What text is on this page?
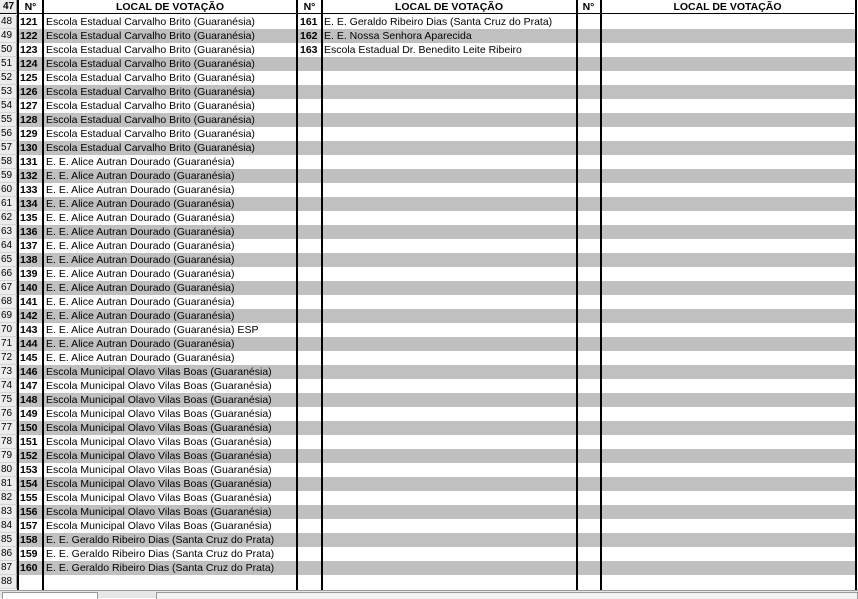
47	N°	LOCAL DE VOTAÇÃO	N°	LOCAL DE VOTAÇÃO	N°	LOCAL DE VOTAÇÃO
48 121 Escola Estadual Carvalho Brito (Guaranésia)	161 E. E. Geraldo Ribeiro Dias (Santa Cruz do Prata)
49 122 Escola Estadual Carvalho Brito (Guaranésia)	162 E. E. Nossa Senhora Aparecida
50 123 Escola Estadual Carvalho Brito (Guaranésia)	163 Escola Estadual Dr. Benedito Leite Ribeiro
51 124 Escola Estadual Carvalho Brito (Guaranésia)
52 125 Escola Estadual Carvalho Brito (Guaranésia)
53 126 Escola Estadual Carvalho Brito (Guaranésia)
54 127 Escola Estadual Carvalho Brito (Guaranésia)
55 128 Escola Estadual Carvalho Brito (Guaranésia)
56 129 Escola Estadual Carvalho Brito (Guaranésia)
57 130 Escola Estadual Carvalho Brito (Guaranésia)
58 131 E. E. Alice Autran Dourado (Guaranésia)
59 132 E. E. Alice Autran Dourado (Guaranésia)
60 133 E. E. Alice Autran Dourado (Guaranésia)
61 134 E. E. Alice Autran Dourado (Guaranésia)
62 135 E. E. Alice Autran Dourado (Guaranésia)
63 136 E. E. Alice Autran Dourado (Guaranésia)
64 137 E. E. Alice Autran Dourado (Guaranésia)
65 138 E. E. Alice Autran Dourado (Guaranésia)
66 139 E. E. Alice Autran Dourado (Guaranésia)
67 140 E. E. Alice Autran Dourado (Guaranésia)
68 141 E. E. Alice Autran Dourado (Guaranésia)
69 142 E. E. Alice Autran Dourado (Guaranésia)
70 143 E. E. Alice Autran Dourado (Guaranésia) ESP
71 144 E. E. Alice Autran Dourado (Guaranésia)
72 145 E. E. Alice Autran Dourado (Guaranésia)
73 146 Escola Municipal Olavo Vilas Boas (Guaranésia)
74 147 Escola Municipal Olavo Vilas Boas (Guaranésia)
75 148 Escola Municipal Olavo Vilas Boas (Guaranésia)
76 149 Escola Municipal Olavo Vilas Boas (Guaranésia)
77 150 Escola Municipal Olavo Vilas Boas (Guaranésia)
78 151 Escola Municipal Olavo Vilas Boas (Guaranésia)
79 152 Escola Municipal Olavo Vilas Boas (Guaranésia)
80 153 Escola Municipal Olavo Vilas Boas (Guaranésia)
81 154 Escola Municipal Olavo Vilas Boas (Guaranésia)
82 155 Escola Municipal Olavo Vilas Boas (Guaranésia)
83 156 Escola Municipal Olavo Vilas Boas (Guaranésia)
84 157 Escola Municipal Olavo Vilas Boas (Guaranésia)
85 158 E. E. Geraldo Ribeiro Dias (Santa Cruz do Prata)
86 159 E. E. Geraldo Ribeiro Dias (Santa Cruz do Prata)
87 160 E. E. Geraldo Ribeiro Dias (Santa Cruz do Prata)
88
